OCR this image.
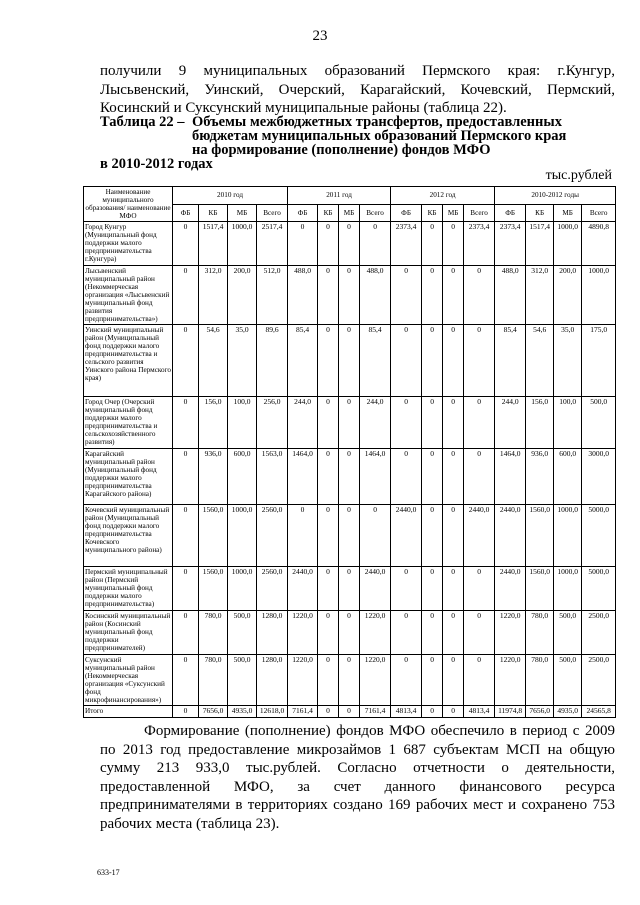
23
получили 9 муниципальных образований Пермского края: г.Кунгур, Лысьвенский, Уинский, Очерский, Карагайский, Кочевский, Пермский, Косинский и Суксунский муниципальные районы (таблица 22).
Таблица 22 – Объемы межбюджетных трансфертов, предоставленных
бюджетам муниципальных образований Пермского края
на формирование (пополнение) фондов МФО
в 2010-2012 годах
тыс.рублей
Наименование муниципального образования/ наименование МФО	2010 год				2011 год				2012 год				2010-2012 годы			
	ФБ	КБ	МБ	Всего	ФБ	КБ	МБ	Всего	ФБ	КБ	МБ	Всего	ФБ	КБ	МБ	Всего
Город Кунгур (Муниципальный фонд поддержки малого предпринимательства г.Кунгура)	0	1517,4	1000,0	2517,4	0	0	0	0	2373,4	0	0	2373,4	2373,4	1517,4	1000,0	4890,8
Лысьвенский муниципальный район (Некоммерческая организация «Лысьвенский муниципальный фонд развития предпринимательства»)	0	312,0	200,0	512,0	488,0	0	0	488,0	0	0	0	0	488,0	312,0	200,0	1000,0
Уинский муниципальный район (Муниципальный фонд поддержки малого предпринимательства и сельского развития Уинского района Пермского края)	0	54,6	35,0	89,6	85,4	0	0	85,4	0	0	0	0	85,4	54,6	35,0	175,0
Город Очер (Очерский муниципальный фонд поддержки малого предпринимательства и сельскохозяйственного развития)	0	156,0	100,0	256,0	244,0	0	0	244,0	0	0	0	0	244,0	156,0	100,0	500,0
Карагайский муниципальный район (Муниципальный фонд поддержки малого предпринимательства Карагайского района)	0	936,0	600,0	1563,0	1464,0	0	0	1464,0	0	0	0	0	1464,0	936,0	600,0	3000,0
Кочевский муниципальный район (Муниципальный фонд поддержки малого предпринимательства Кочевского муниципального района)	0	1560,0	1000,0	2560,0	0	0	0	0	2440,0	0	0	2440,0	2440,0	1560,0	1000,0	5000,0
Пермский муниципальный район (Пермский муниципальный фонд поддержки малого предпринимательства)	0	1560,0	1000,0	2560,0	2440,0	0	0	2440,0	0	0	0	0	2440,0	1560,0	1000,0	5000,0
Косинский муниципальный район (Косинский муниципальный фонд поддержки предпринимателей)	0	780,0	500,0	1280,0	1220,0	0	0	1220,0	0	0	0	0	1220,0	780,0	500,0	2500,0
Суксунский муниципальный район (Некоммерческая организация «Суксунский фонд микрофинансирования»)	0	780,0	500,0	1280,0	1220,0	0	0	1220,0	0	0	0	0	1220,0	780,0	500,0	2500,0
Итого	0	7656,0	4935,0	12618,0	7161,4	0	0	7161,4	4813,4	0	0	4813,4	11974,8	7656,0	4935,0	24565,8
Формирование (пополнение) фондов МФО обеспечило в период с 2009 по 2013 год предоставление микрозаймов 1 687 субъектам МСП на общую сумму 213 933,0 тыс.рублей. Согласно отчетности о деятельности, предоставленной МФО, за счет данного финансового ресурса предпринимателями в территориях создано 169 рабочих мест и сохранено 753 рабочих места (таблица 23).
633-17
